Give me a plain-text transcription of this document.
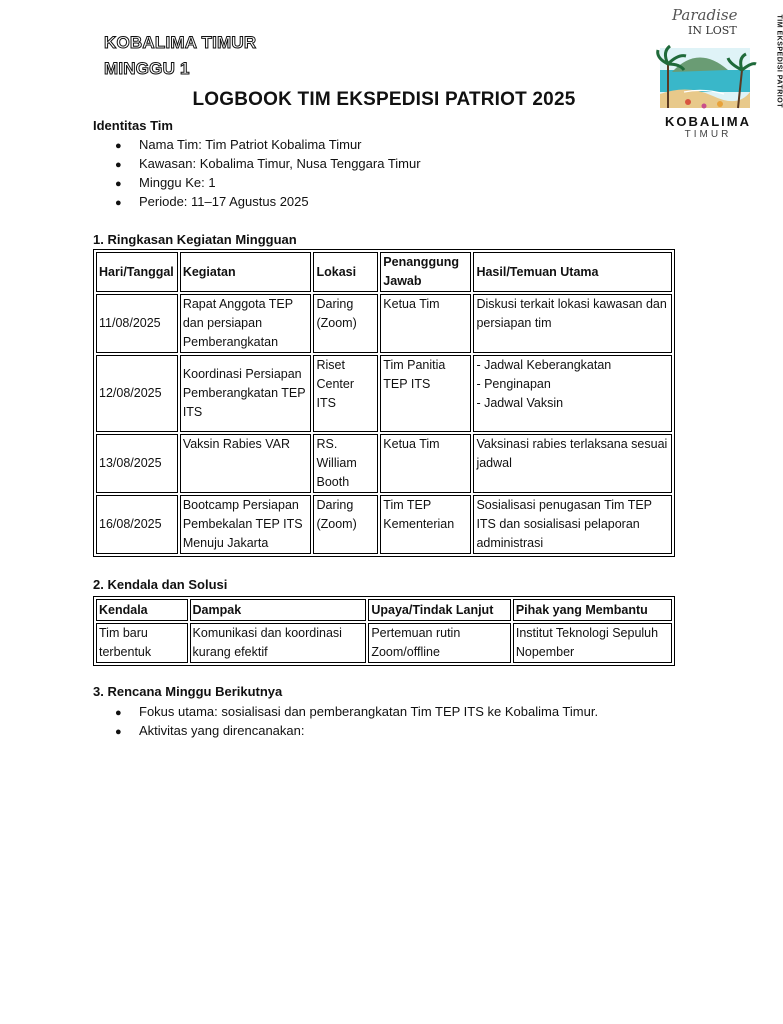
KOBALIMA TIMUR
MINGGU 1
LOGBOOK TIM EKSPEDISI PATRIOT 2025
Paradise
IN LOST	TIM EKSPEDISI PATRIOT
KOBALIMA
TIMUR
Identitas Tim
● Nama Tim: Tim Patriot Kobalima Timur
● Kawasan: Kobalima Timur, Nusa Tenggara Timur
● Minggu Ke: 1
● Periode: 11–17 Agustus 2025
1. Ringkasan Kegiatan Mingguan
Hari/Tanggal	Kegiatan	Lokasi	Penanggung Jawab	Hasil/Temuan Utama
11/08/2025	Rapat Anggota TEP dan persiapan Pemberangkatan	Daring (Zoom)	Ketua Tim	Diskusi terkait lokasi kawasan dan persiapan tim
12/08/2025	Koordinasi Persiapan Pemberangkatan TEP ITS	Riset Center ITS	Tim Panitia TEP ITS	- Jadwal Keberangkatan
- Penginapan
- Jadwal Vaksin

13/08/2025	Vaksin Rabies VAR	RS. William Booth	Ketua Tim	Vaksinasi rabies terlaksana sesuai jadwal
16/08/2025	Bootcamp Persiapan Pembekalan TEP ITS Menuju Jakarta	Daring (Zoom)	Tim TEP Kementerian	Sosialisasi penugasan Tim TEP ITS dan sosialisasi pelaporan administrasi
2. Kendala dan Solusi
Kendala	Dampak	Upaya/Tindak Lanjut	Pihak yang Membantu
Tim baru terbentuk	Komunikasi dan koordinasi kurang efektif	Pertemuan rutin Zoom/offline	Institut Teknologi Sepuluh Nopember
3. Rencana Minggu Berikutnya
● Fokus utama: sosialisasi dan pemberangkatan Tim TEP ITS ke Kobalima Timur.
● Aktivitas yang direncanakan:
